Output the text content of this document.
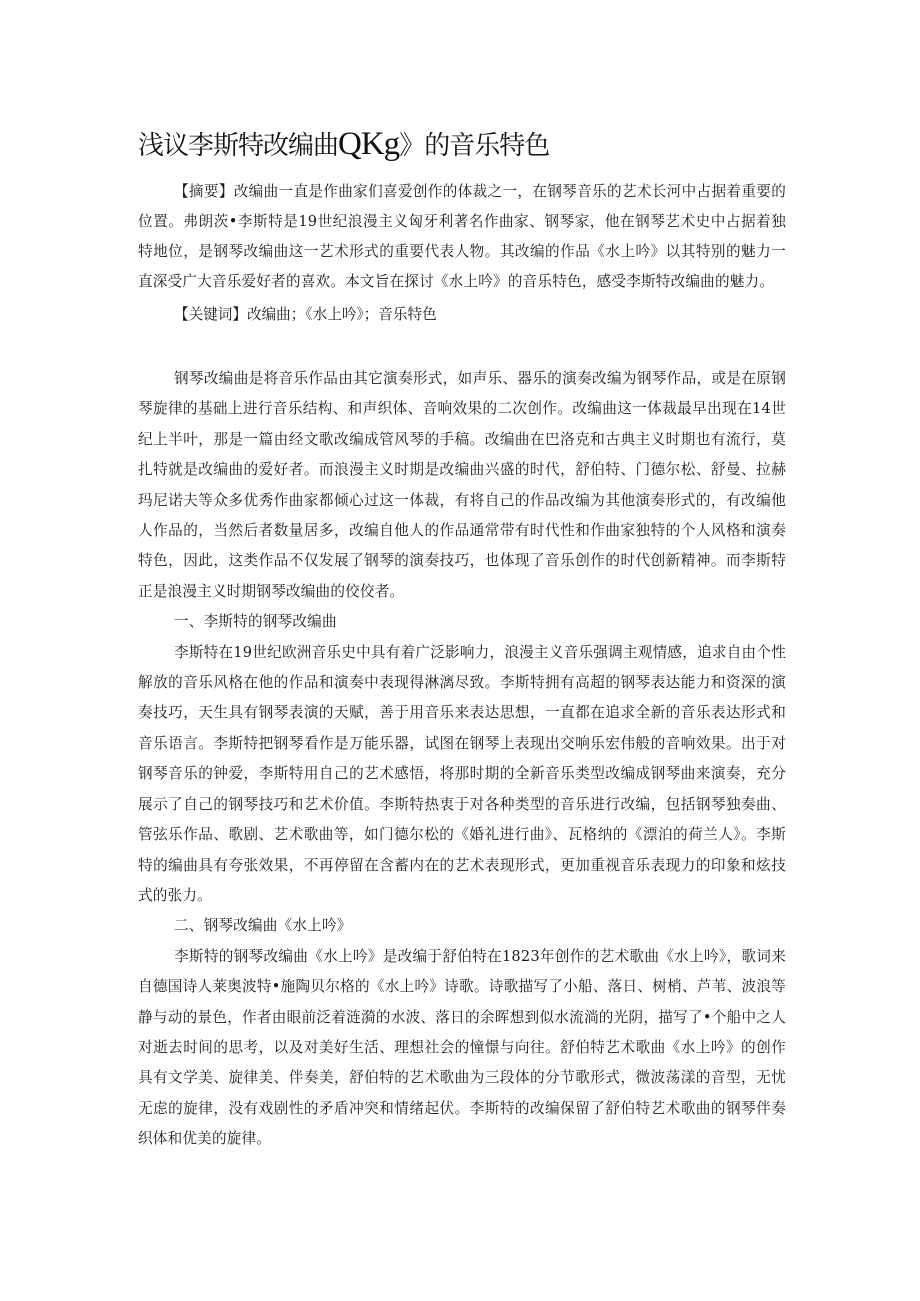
浅议李斯特改编曲QKg》的音乐特色

【摘要】改编曲一直是作曲家们喜爱创作的体裁之一，在钢琴音乐的艺术长河中占据着重要的位置。弗朗茨•李斯特是19世纪浪漫主义匈牙利著名作曲家、钢琴家，他在钢琴艺术史中占据着独特地位，是钢琴改编曲这一艺术形式的重要代表人物。其改编的作品《水上吟》以其特别的魅力一直深受广大音乐爱好者的喜欢。本文旨在探讨《水上吟》的音乐特色，感受李斯特改编曲的魅力。

【关键词】改编曲；《水上吟》；音乐特色

钢琴改编曲是将音乐作品由其它演奏形式，如声乐、器乐的演奏改编为钢琴作品，或是在原钢琴旋律的基础上进行音乐结构、和声织体、音响效果的二次创作。改编曲这一体裁最早出现在14世纪上半叶，那是一篇由经文歌改编成管风琴的手稿。改编曲在巴洛克和古典主义时期也有流行，莫扎特就是改编曲的爱好者。而浪漫主义时期是改编曲兴盛的时代，舒伯特、门德尔松、舒曼、拉赫玛尼诺夫等众多优秀作曲家都倾心过这一体裁，有将自己的作品改编为其他演奏形式的，有改编他人作品的，当然后者数量居多，改编自他人的作品通常带有时代性和作曲家独特的个人风格和演奏特色，因此，这类作品不仅发展了钢琴的演奏技巧，也体现了音乐创作的时代创新精神。而李斯特正是浪漫主义时期钢琴改编曲的佼佼者。

一、李斯特的钢琴改编曲

李斯特在19世纪欧洲音乐史中具有着广泛影响力，浪漫主义音乐强调主观情感，追求自由个性解放的音乐风格在他的作品和演奏中表现得淋漓尽致。李斯特拥有高超的钢琴表达能力和资深的演奏技巧，天生具有钢琴表演的天赋，善于用音乐来表达思想，一直都在追求全新的音乐表达形式和音乐语言。李斯特把钢琴看作是万能乐器，试图在钢琴上表现出交响乐宏伟般的音响效果。出于对钢琴音乐的钟爱，李斯特用自己的艺术感悟，将那时期的全新音乐类型改编成钢琴曲来演奏，充分展示了自己的钢琴技巧和艺术价值。李斯特热衷于对各种类型的音乐进行改编，包括钢琴独奏曲、管弦乐作品、歌剧、艺术歌曲等，如门德尔松的《婚礼进行曲》、瓦格纳的《漂泊的荷兰人》。李斯特的编曲具有夸张效果，不再停留在含蓄内在的艺术表现形式，更加重视音乐表现力的印象和炫技式的张力。

二、钢琴改编曲《水上吟》

李斯特的钢琴改编曲《水上吟》是改编于舒伯特在1823年创作的艺术歌曲《水上吟》，歌词来自德国诗人莱奥波特•施陶贝尔格的《水上吟》诗歌。诗歌描写了小船、落日、树梢、芦苇、波浪等静与动的景色，作者由眼前泛着涟漪的水波、落日的余晖想到似水流淌的光阴，描写了•个船中之人对逝去时间的思考，以及对美好生活、理想社会的憧憬与向往。舒伯特艺术歌曲《水上吟》的创作具有文学美、旋律美、伴奏美，舒伯特的艺术歌曲为三段体的分节歌形式，微波荡漾的音型，无忧无虑的旋律，没有戏剧性的矛盾冲突和情绪起伏。李斯特的改编保留了舒伯特艺术歌曲的钢琴伴奏织体和优美的旋律。
